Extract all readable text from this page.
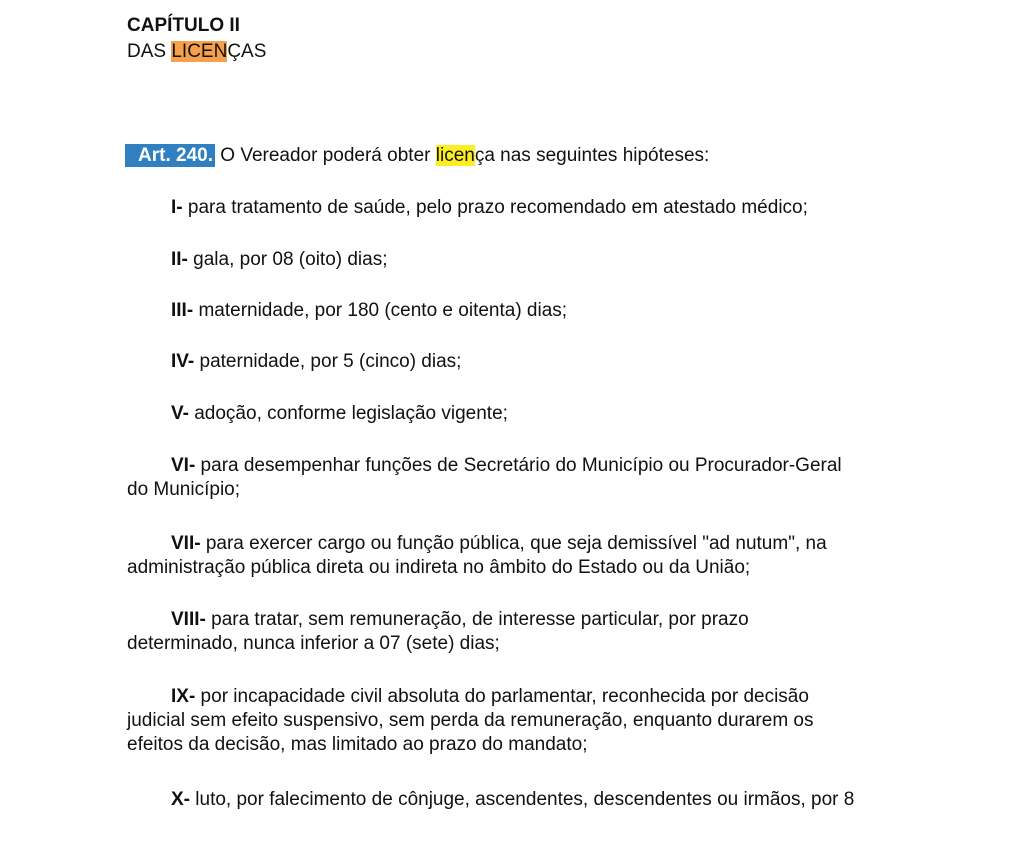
CAPÍTULO II

DAS LICENÇAS

Art. 240. O Vereador poderá obter licença nas seguintes hipóteses:

I- para tratamento de saúde, pelo prazo recomendado em atestado médico;

II- gala, por 08 (oito) dias;

III- maternidade, por 180 (cento e oitenta) dias;

IV- paternidade, por 5 (cinco) dias;

V- adoção, conforme legislação vigente;

VI- para desempenhar funções de Secretário do Município ou Procurador-Geral
do Município;

VII- para exercer cargo ou função pública, que seja demissível "ad nutum", na
administração pública direta ou indireta no âmbito do Estado ou da União;

VIII- para tratar, sem remuneração, de interesse particular, por prazo
determinado, nunca inferior a 07 (sete) dias;

IX- por incapacidade civil absoluta do parlamentar, reconhecida por decisão
judicial sem efeito suspensivo, sem perda da remuneração, enquanto durarem os
efeitos da decisão, mas limitado ao prazo do mandato;

X- luto, por falecimento de cônjuge, ascendentes, descendentes ou irmãos, por 8
